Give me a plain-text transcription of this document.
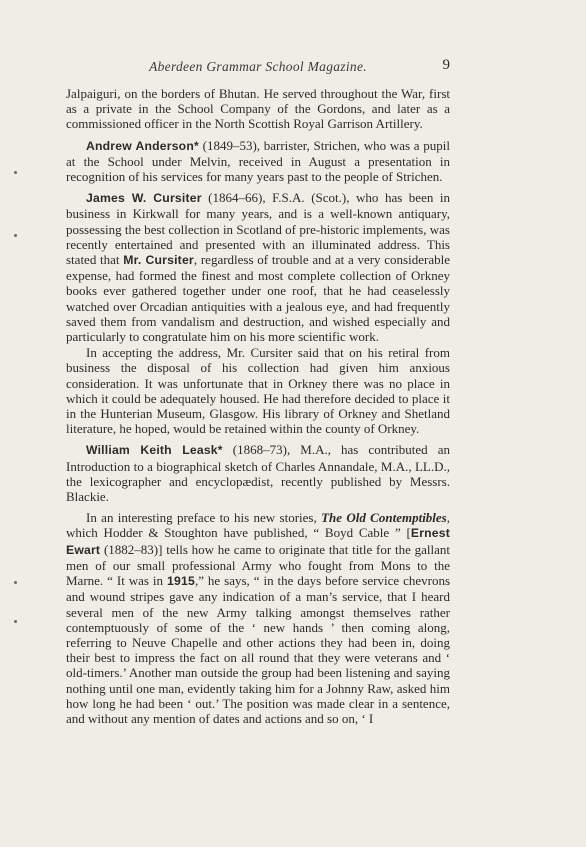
Aberdeen Grammar School Magazine.	9

Jalpaiguri, on the borders of Bhutan. He served throughout the War, first as a private in the School Company of the Gordons, and later as a commissioned officer in the North Scottish Royal Garrison Artillery.

Andrew Anderson* (1849–53), barrister, Strichen, who was a pupil at the School under Melvin, received in August a presentation in recognition of his services for many years past to the people of Strichen.

James W. Cursiter (1864–66), F.S.A. (Scot.), who has been in business in Kirkwall for many years, and is a well-known antiquary, possessing the best collection in Scotland of pre-historic implements, was recently entertained and presented with an illuminated address. This stated that Mr. Cursiter, regardless of trouble and at a very considerable expense, had formed the finest and most complete collection of Orkney books ever gathered together under one roof, that he had ceaselessly watched over Orcadian antiquities with a jealous eye, and had frequently saved them from vandalism and destruction, and wished especially and particularly to congratulate him on his more scientific work.

In accepting the address, Mr. Cursiter said that on his retiral from business the disposal of his collection had given him anxious consideration. It was unfortunate that in Orkney there was no place in which it could be adequately housed. He had therefore decided to place it in the Hunterian Museum, Glasgow. His library of Orkney and Shetland literature, he hoped, would be retained within the county of Orkney.

William Keith Leask* (1868–73), M.A., has contributed an Introduction to a biographical sketch of Charles Annandale, M.A., LL.D., the lexicographer and encyclopædist, recently published by Messrs. Blackie.

In an interesting preface to his new stories, The Old Contemptibles, which Hodder & Stoughton have published, “ Boyd Cable ” [Ernest Ewart (1882–83)] tells how he came to originate that title for the gallant men of our small professional Army who fought from Mons to the Marne. “ It was in 1915,” he says, “ in the days before service chevrons and wound stripes gave any indication of a man’s service, that I heard several men of the new Army talking amongst themselves rather contemptuously of some of the ‘ new hands ’ then coming along, referring to Neuve Chapelle and other actions they had been in, doing their best to impress the fact on all round that they were veterans and ‘ old-timers.’ Another man outside the group had been listening and saying nothing until one man, evidently taking him for a Johnny Raw, asked him how long he had been ‘ out.’ The position was made clear in a sentence, and without any mention of dates and actions and so on, ‘ I
